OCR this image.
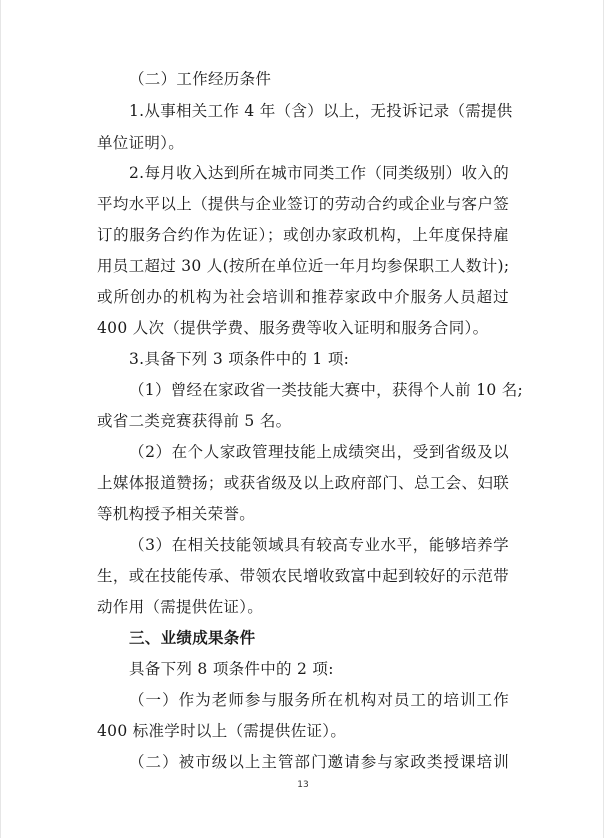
（二）工作经历条件
1.从事相关工作 4 年（含）以上，无投诉记录（需提供
单位证明）。
2.每月收入达到所在城市同类工作（同类级别）收入的
平均水平以上（提供与企业签订的劳动合约或企业与客户签
订的服务合约作为佐证）；或创办家政机构，上年度保持雇
用员工超过 30 人(按所在单位近一年月均参保职工人数计);
或所创办的机构为社会培训和推荐家政中介服务人员超过
400 人次（提供学费、服务费等收入证明和服务合同）。
3.具备下列 3 项条件中的 1 项:
（1）曾经在家政省一类技能大赛中，获得个人前 10 名;
或省二类竞赛获得前 5 名。
（2）在个人家政管理技能上成绩突出，受到省级及以
上媒体报道赞扬；或获省级及以上政府部门、总工会、妇联
等机构授予相关荣誉。
（3）在相关技能领域具有较高专业水平，能够培养学
生，或在技能传承、带领农民增收致富中起到较好的示范带
动作用（需提供佐证）。
三、业绩成果条件
具备下列 8 项条件中的 2 项:
（一）作为老师参与服务所在机构对员工的培训工作
400 标准学时以上（需提供佐证）。
（二）被市级以上主管部门邀请参与家政类授课培训
13
